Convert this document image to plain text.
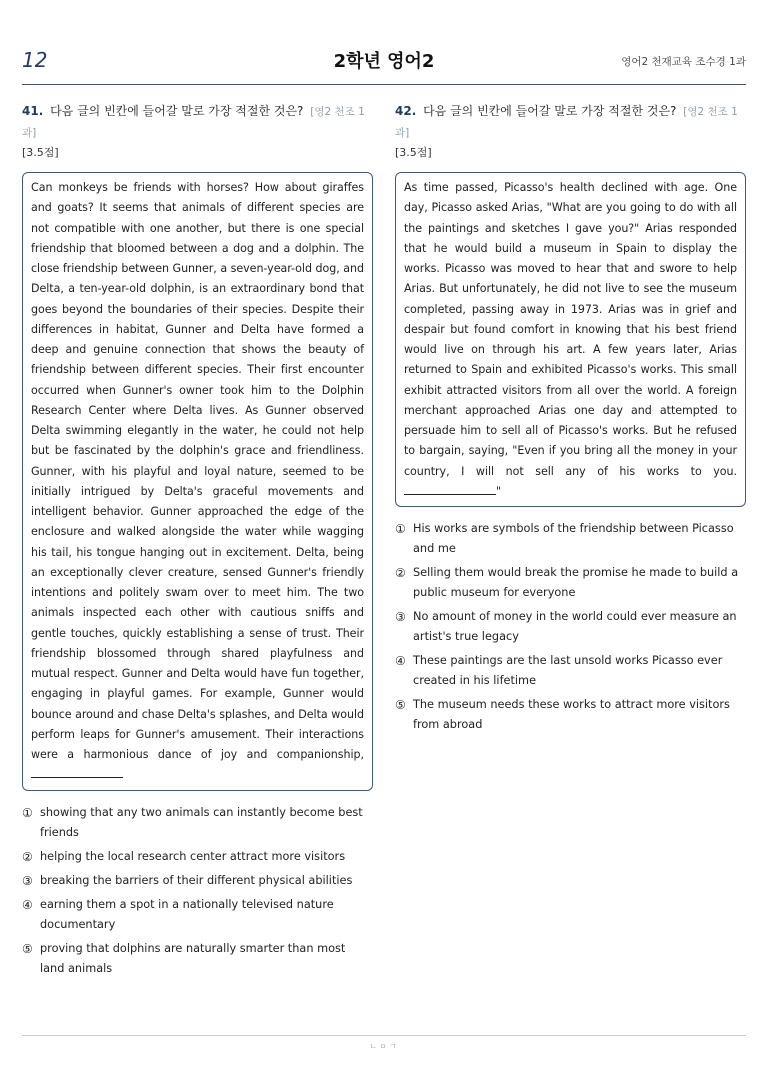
12	2학년 영어2	영어2 천재교육 조수경 1과
41. 다음 글의 빈칸에 들어갈 말로 가장 적절한 것은? [영2 천조 1과]
[3.5점]
Can monkeys be friends with horses? How about giraffes and goats? It seems that animals of different species are not compatible with one another, but there is one special friendship that bloomed between a dog and a dolphin. The close friendship between Gunner, a seven-year-old dog, and Delta, a ten-year-old dolphin, is an extraordinary bond that goes beyond the boundaries of their species. Despite their differences in habitat, Gunner and Delta have formed a deep and genuine connection that shows the beauty of friendship between different species. Their first encounter occurred when Gunner's owner took him to the Dolphin Research Center where Delta lives. As Gunner observed Delta swimming elegantly in the water, he could not help but be fascinated by the dolphin's grace and friendliness. Gunner, with his playful and loyal nature, seemed to be initially intrigued by Delta's graceful movements and intelligent behavior. Gunner approached the edge of the enclosure and walked alongside the water while wagging his tail, his tongue hanging out in excitement. Delta, being an exceptionally clever creature, sensed Gunner's friendly intentions and politely swam over to meet him. The two animals inspected each other with cautious sniffs and gentle touches, quickly establishing a sense of trust. Their friendship blossomed through shared playfulness and mutual respect. Gunner and Delta would have fun together, engaging in playful games. For example, Gunner would bounce around and chase Delta's splashes, and Delta would perform leaps for Gunner's amusement. Their interactions were a harmonious dance of joy and companionship,
① showing that any two animals can instantly become best friends
② helping the local research center attract more visitors
③ breaking the barriers of their different physical abilities
④ earning them a spot in a nationally televised nature documentary
⑤ proving that dolphins are naturally smarter than most land animals
42. 다음 글의 빈칸에 들어갈 말로 가장 적절한 것은? [영2 천조 1과]
[3.5점]
As time passed, Picasso's health declined with age. One day, Picasso asked Arias, "What are you going to do with all the paintings and sketches I gave you?" Arias responded that he would build a museum in Spain to display the works. Picasso was moved to hear that and swore to help Arias. But unfortunately, he did not live to see the museum completed, passing away in 1973. Arias was in grief and despair but found comfort in knowing that his best friend would live on through his art. A few years later, Arias returned to Spain and exhibited Picasso's works. This small exhibit attracted visitors from all over the world. A foreign merchant approached Arias one day and attempted to persuade him to sell all of Picasso's works. But he refused to bargain, saying, "Even if you bring all the money in your country, I will not sell any of his works to you. "
① His works are symbols of the friendship between Picasso and me
② Selling them would break the promise he made to build a public museum for everyone
③ No amount of money in the world could ever measure an artist's true legacy
④ These paintings are the last unsold works Picasso ever created in his lifetime
⑤ The museum needs these works to attract more visitors from abroad
ㄴㅇㄱ
